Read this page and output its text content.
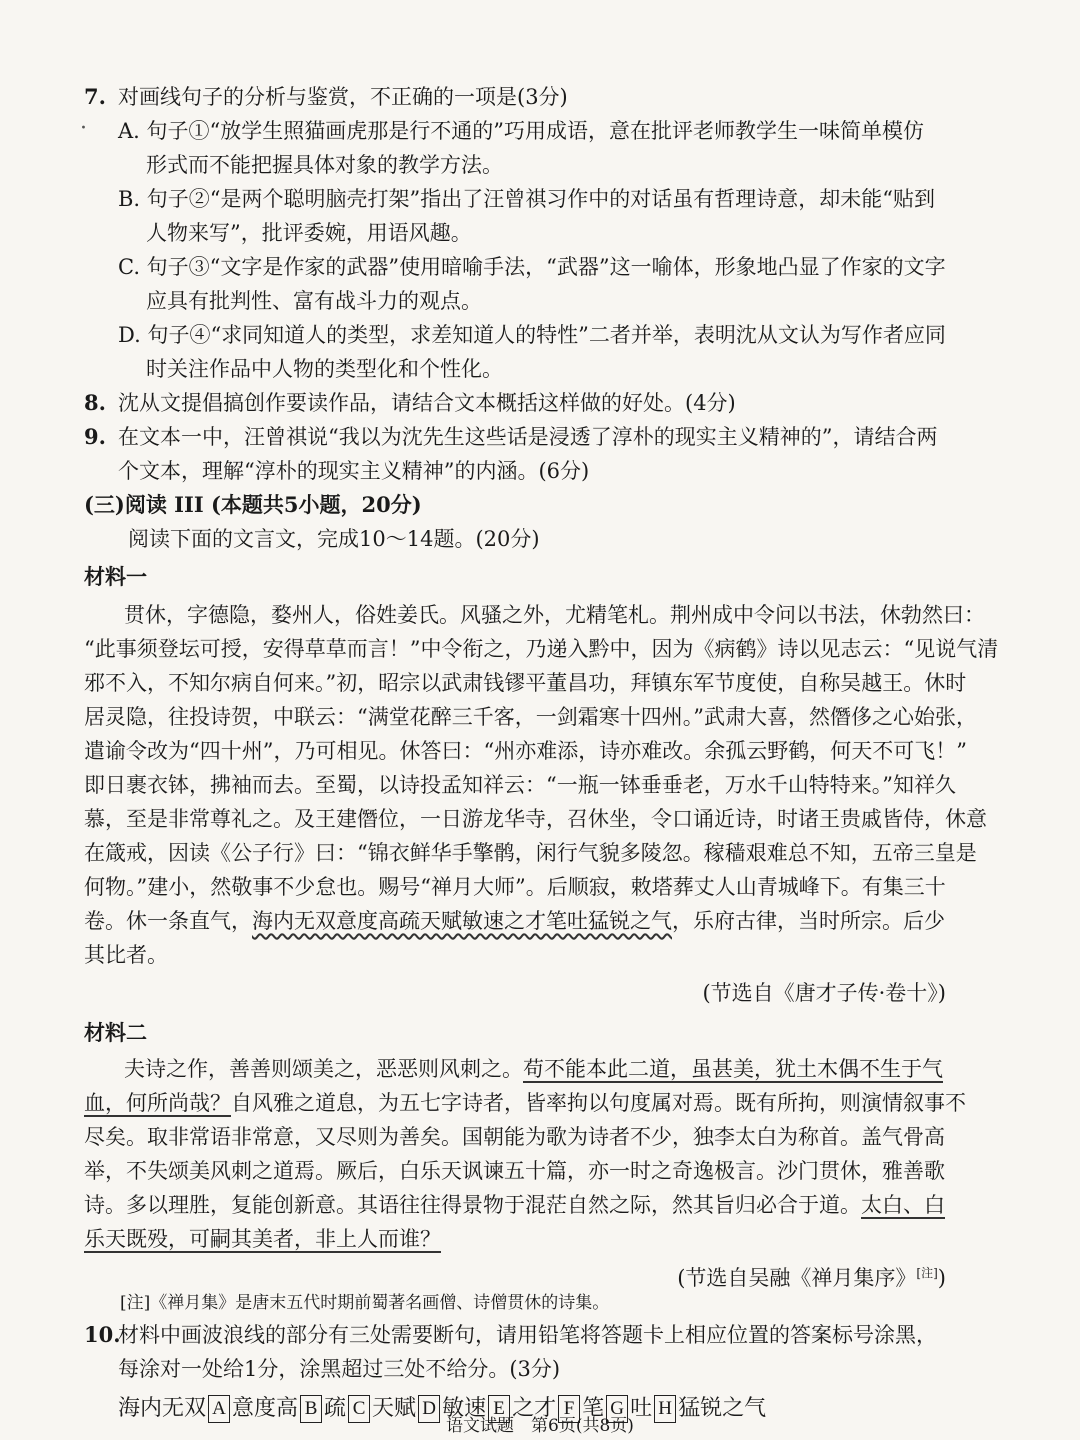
7. 对画线句子的分析与鉴赏，不正确的一项是(3分)
· A. 句子①“放学生照猫画虎那是行不通的”巧用成语，意在批评老师教学生一味简单模仿
形式而不能把握具体对象的教学方法。
B. 句子②“是两个聪明脑壳打架”指出了汪曾祺习作中的对话虽有哲理诗意，却未能“贴到
人物来写”，批评委婉，用语风趣。
C. 句子③“文字是作家的武器”使用暗喻手法，“武器”这一喻体，形象地凸显了作家的文字
应具有批判性、富有战斗力的观点。
D. 句子④“求同知道人的类型，求差知道人的特性”二者并举，表明沈从文认为写作者应同
时关注作品中人物的类型化和个性化。
8. 沈从文提倡搞创作要读作品，请结合文本概括这样做的好处。(4分)
9. 在文本一中，汪曾祺说“我以为沈先生这些话是浸透了淳朴的现实主义精神的”，请结合两
个文本，理解“淳朴的现实主义精神”的内涵。(6分)
(三)阅读 III (本题共5小题，20分)
阅读下面的文言文，完成10～14题。(20分)
材料一
贯休，字德隐，婺州人，俗姓姜氏。风骚之外，尤精笔札。荆州成中令问以书法，休勃然曰：
“此事须登坛可授，安得草草而言！”中令衔之，乃递入黔中，因为《病鹤》诗以见志云：“见说气清
邪不入，不知尔病自何来。”初，昭宗以武肃钱镠平董昌功，拜镇东军节度使，自称吴越王。休时
居灵隐，往投诗贺，中联云：“满堂花醉三千客，一剑霜寒十四州。”武肃大喜，然僭侈之心始张，
遣谕令改为“四十州”，乃可相见。休答曰：“州亦难添，诗亦难改。余孤云野鹤，何天不可飞！”
即日裹衣钵，拂袖而去。至蜀，以诗投孟知祥云：“一瓶一钵垂垂老，万水千山特特来。”知祥久
慕，至是非常尊礼之。及王建僭位，一日游龙华寺，召休坐，令口诵近诗，时诸王贵戚皆侍，休意
在箴戒，因读《公子行》曰：“锦衣鲜华手擎鹘，闲行气貌多陵忽。稼穑艰难总不知，五帝三皇是
何物。”建小，然敬事不少怠也。赐号“禅月大师”。后顺寂，敕塔葬丈人山青城峰下。有集三十
卷。休一条直气，海内无双意度高疏天赋敏速之才笔吐猛锐之气，乐府古律，当时所宗。后少
其比者。
(节选自《唐才子传·卷十》)
材料二
夫诗之作，善善则颂美之，恶恶则风刺之。苟不能本此二道，虽甚美，犹土木偶不生于气
血，何所尚哉？自风雅之道息，为五七字诗者，皆率拘以句度属对焉。既有所拘，则演情叙事不
尽矣。取非常语非常意，又尽则为善矣。国朝能为歌为诗者不少，独李太白为称首。盖气骨高
举，不失颂美风刺之道焉。厥后，白乐天讽谏五十篇，亦一时之奇逸极言。沙门贯休，雅善歌
诗。多以理胜，复能创新意。其语往往得景物于混茫自然之际，然其旨归必合于道。太白、白
乐天既殁，可嗣其美者，非上人而谁？
(节选自吴融《禅月集序》[注])
[注]《禅月集》是唐末五代时期前蜀著名画僧、诗僧贯休的诗集。
10.
材料中画波浪线的部分有三处需要断句，请用铅笔将答题卡上相应位置的答案标号涂黑，
每涂对一处给1分，涂黑超过三处不给分。(3分)
海内无双 A 意度高 B 疏 C 天赋 D 敏速 E 之才 F 笔 G 吐 H 猛锐之气
语文试题　第6页(共8页)
